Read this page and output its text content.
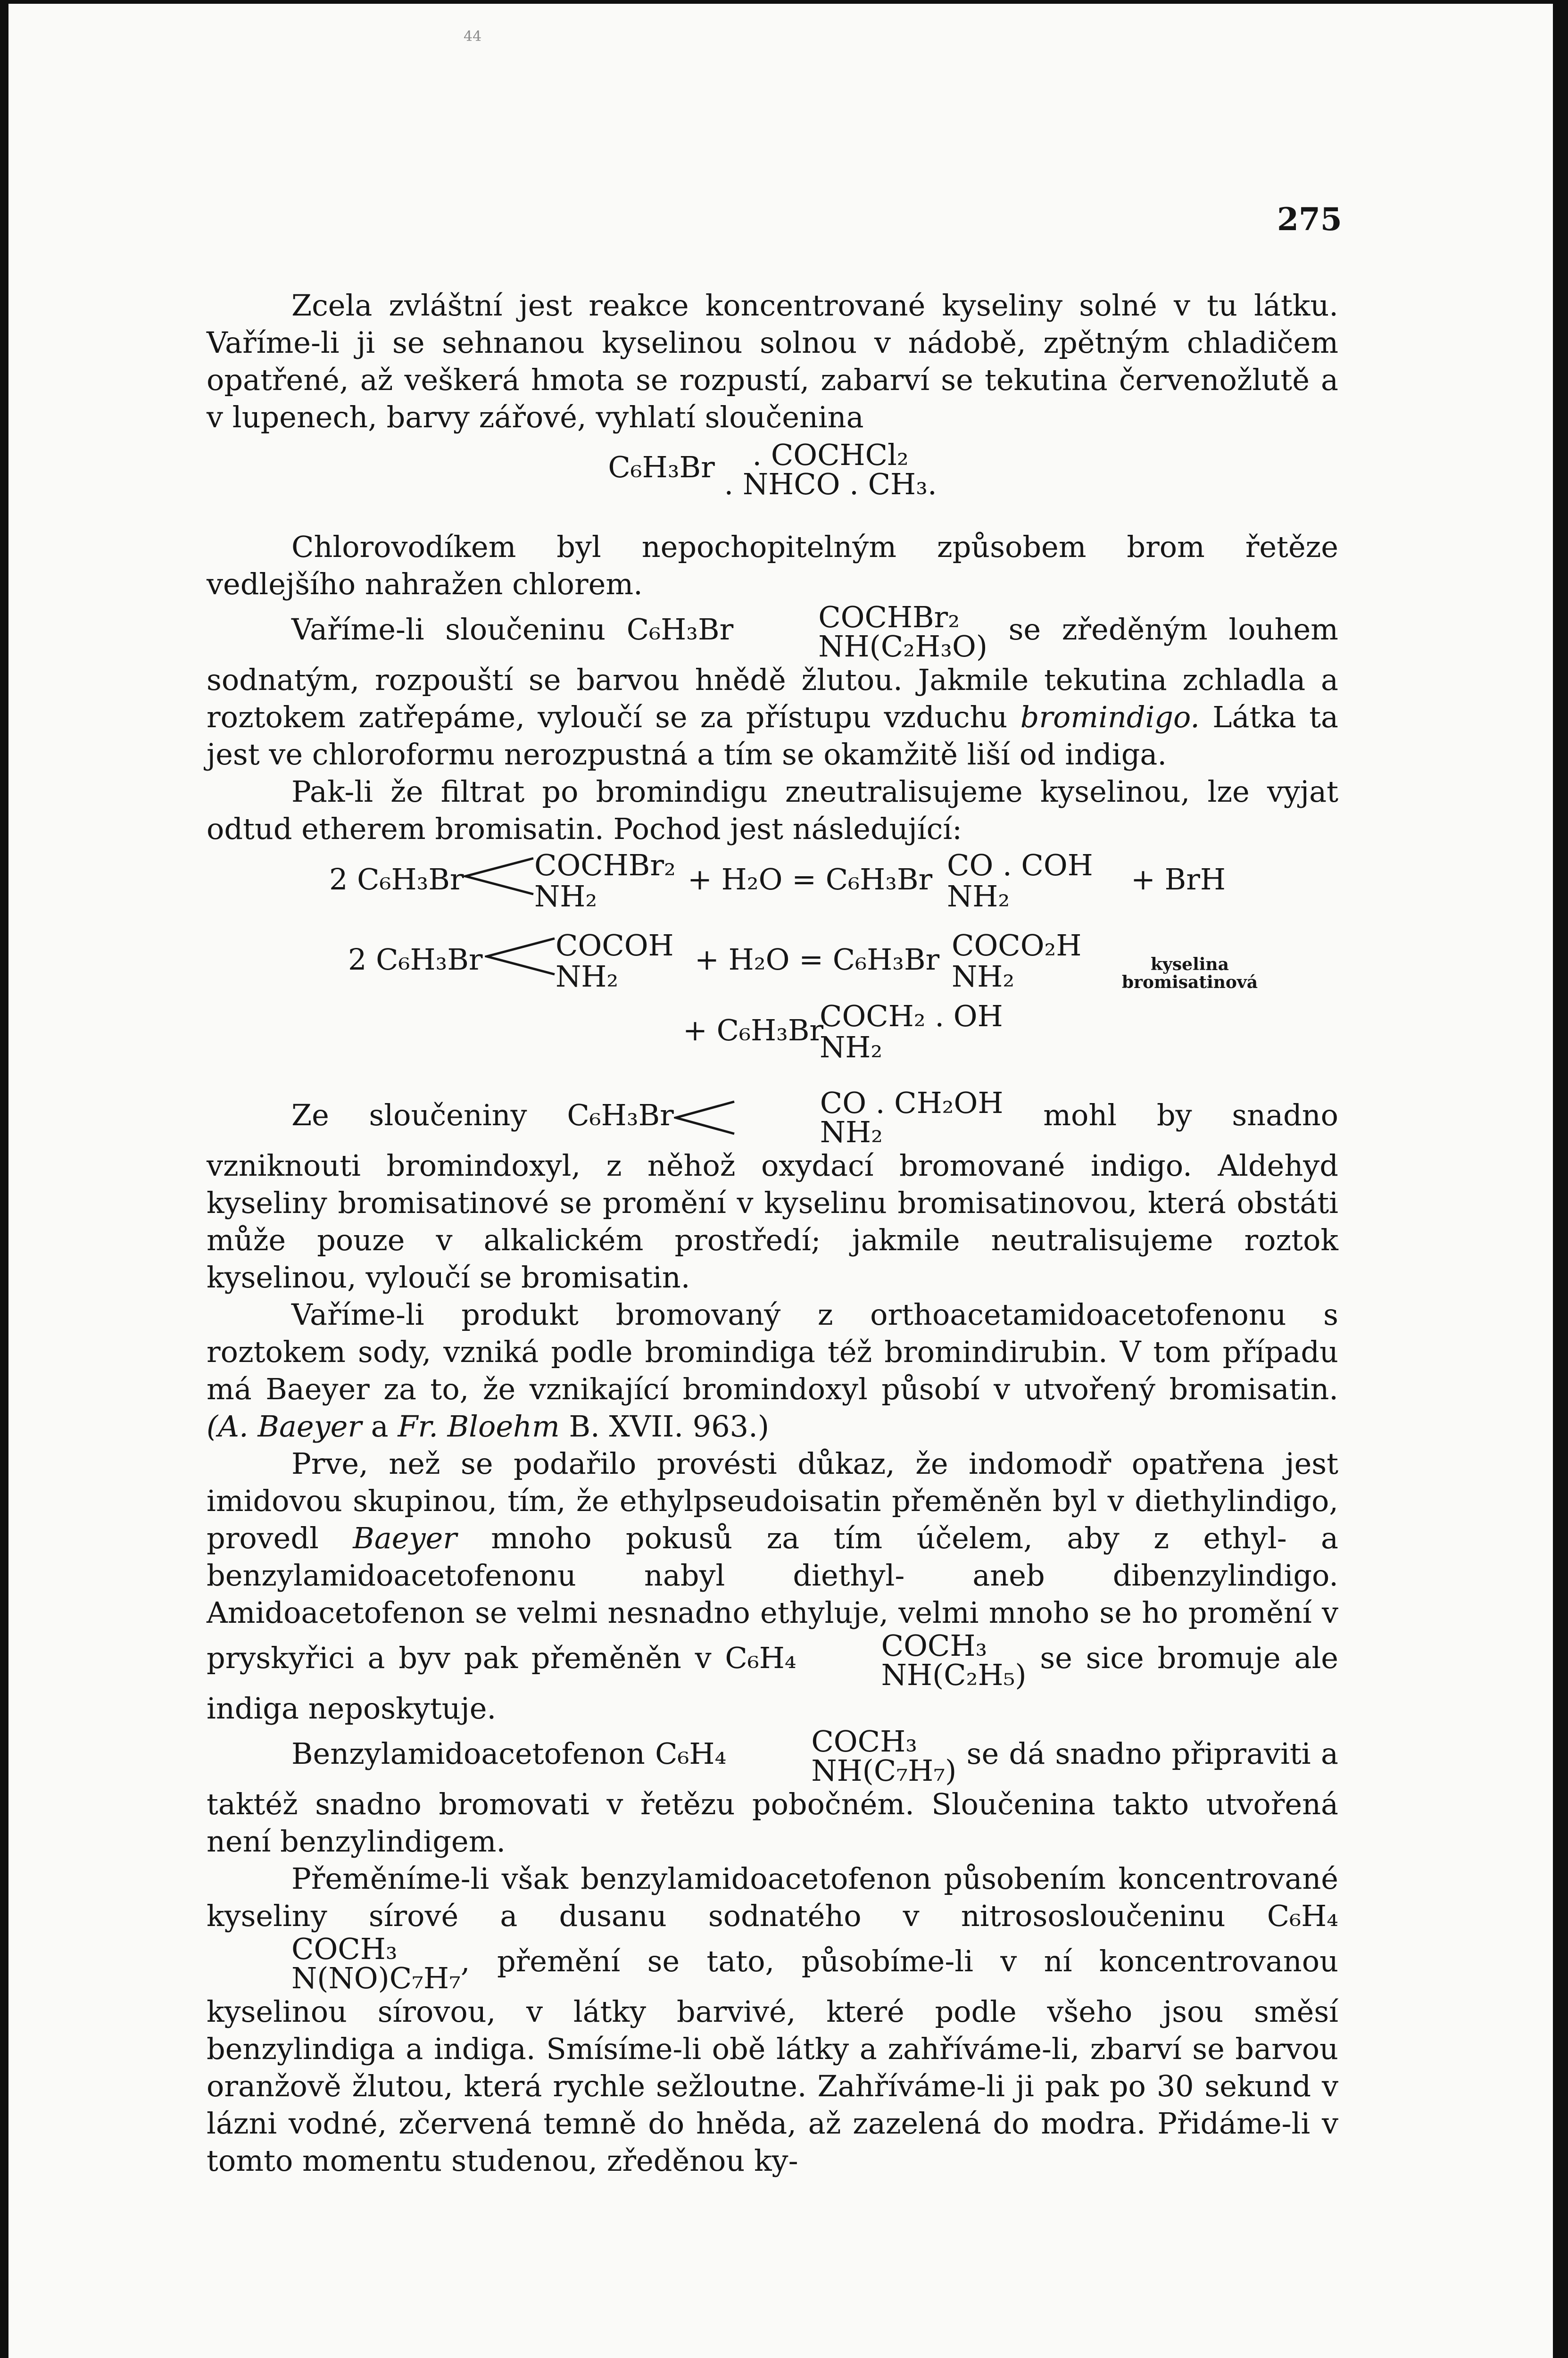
44
275

Zcela zvláštní jest reakce koncentrované kyseliny solné v tu látku. Vaříme-li ji se sehnanou kyselinou solnou v nádobě, zpětným chladičem opatřené, až veškerá hmota se rozpustí, zabarví se tekutina červenožlutě a v lupenech, barvy zářové, vyhlatí sloučenina

C₆H₃Br	. COCHCl₂
. NHCO . CH₃.

Chlorovodíkem byl nepochopitelným způsobem brom řetěze vedlejšího nahražen chlorem.

Vaříme-li sloučeninu C₆H₃Br	COCHBr₂
NH(C₂H₃O) se zředěným louhem sodnatým, rozpouští se barvou hnědě žlutou. Jakmile tekutina zchladla a roztokem zatřepáme, vyloučí se za přístupu vzduchu bromindigo. Látka ta jest ve chloroformu nerozpustná a tím se okamžitě liší od indiga.

Pak-li že filtrat po bromindigu zneutralisujeme kyselinou, lze vyjat odtud etherem bromisatin. Pochod jest následující:

2 C₆H₃Br COCHBr₂
NH₂	+ H₂O = C₆H₃Br CO . COH
NH₂	+ BrH
2 C₆H₃Br COCOH
NH₂	+ H₂O = C₆H₃Br COCO₂H
NH₂	kyselina
bromisatinová
+ C₆H₃Br
COCH₂ . OH
NH₂

Ze sloučeniny C₆H₃Br	CO . CH₂OH
NH₂	mohl by snadno vzniknouti bromindoxyl, z něhož oxydací bromované indigo. Aldehyd kyseliny bromisatinové se promění v kyselinu bromisatinovou, která obstáti může pouze v alkalickém prostředí; jakmile neutralisujeme roztok kyselinou, vyloučí se bromisatin.

Vaříme-li produkt bromovaný z orthoacetamidoacetofenonu s roztokem sody, vzniká podle bromindiga též bromindirubin. V tom případu má Baeyer za to, že vznikající bromindoxyl působí v utvořený bromisatin. (A. Baeyer a Fr. Bloehm B. XVII. 963.)

Prve, než se podařilo provésti důkaz, že indomodř opatřena jest imidovou skupinou, tím, že ethylpseudoisatin přeměněn byl v diethylindigo, provedl Baeyer mnoho pokusů za tím účelem, aby z ethyl- a benzylamidoacetofenonu nabyl diethyl- aneb dibenzylindigo. Amidoacetofenon se velmi nesnadno ethyluje, velmi mnoho se ho promění v pryskyřici a byv pak přeměněn v C₆H₄	COCH₃
NH(C₂H₅) se sice bromuje ale indiga neposkytuje.

Benzylamidoacetofenon C₆H₄	COCH₃
NH(C₇H₇) se dá snadno připraviti a taktéž snadno bromovati v řetězu pobočném. Sloučenina takto utvořená není benzylindigem.

Přeměníme-li však benzylamidoacetofenon působením koncentrované kyseliny sírové a dusanu sodnatého v nitrososloučeninu C₆H₄
COCH₃
N(NO)C₇H₇ , přemění se tato, působíme-li v ní koncentrovanou kyselinou sírovou, v látky barvivé, které podle všeho jsou směsí benzylindiga a indiga. Smísíme-li obě látky a zahříváme-li, zbarví se barvou oranžově žlutou, která rychle sežloutne. Zahříváme-li ji pak po 30 sekund v lázni vodné, zčervená temně do hněda, až zazelená do modra. Přidáme-li v tomto momentu studenou, zředěnou ky-
